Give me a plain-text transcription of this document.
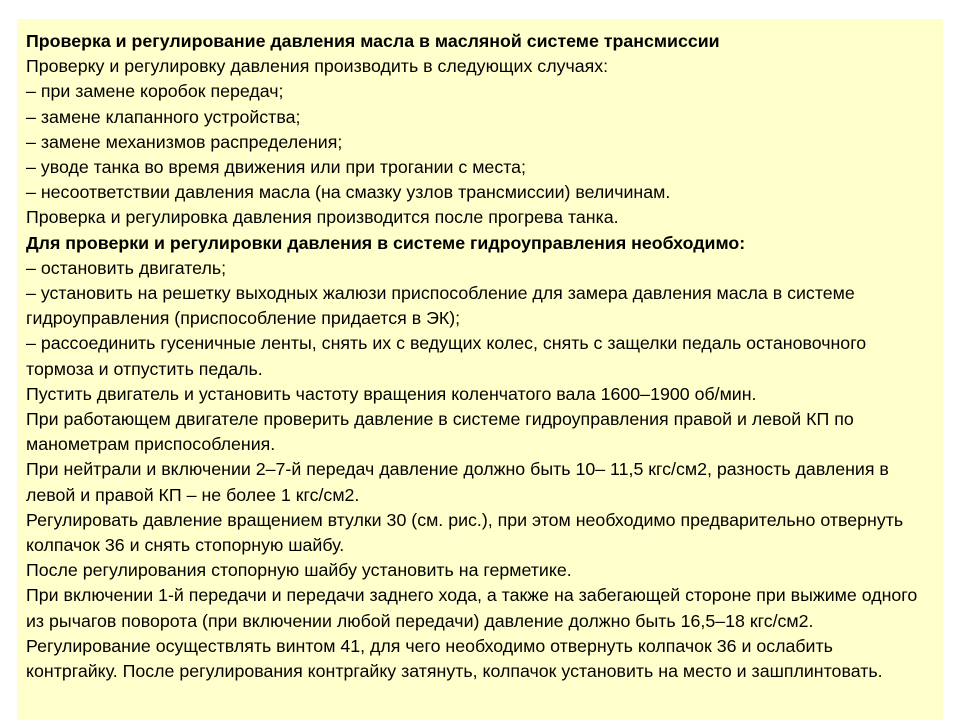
Проверка и регулирование давления масла в масляной системе трансмиссии

Проверку и регулировку давления производить в следующих случаях:

– при замене коробок передач;

– замене клапанного устройства;

– замене механизмов распределения;

– уводе танка во время движения или при трогании с места;

– несоответствии давления масла (на смазку узлов трансмиссии) величинам.

Проверка и регулировка давления производится после прогрева танка.

Для проверки и регулировки давления в системе гидроуправления необходимо:

– остановить двигатель;

– установить на решетку выходных жалюзи приспособление для замера давления масла в системе гидроуправления (приспособление придается в ЭК);

– рассоединить гусеничные ленты, снять их с ведущих колес, снять с защелки педаль остановочного тормоза и отпустить педаль.

Пустить двигатель и установить частоту вращения коленчатого вала 1600–1900 об/мин.

При работающем двигателе проверить давление в системе гидроуправления правой и левой КП по манометрам приспособления.

При нейтрали и включении 2–7-й передач давление должно быть 10– 11,5 кгс/см2, разность давления в левой и правой КП – не более 1 кгс/см2.

Регулировать давление вращением втулки 30 (см. рис.), при этом необходимо предварительно отвернуть колпачок 36 и снять стопорную шайбу.

После регулирования стопорную шайбу установить на герметике.

При включении 1-й передачи и передачи заднего хода, а также на забегающей стороне при выжиме одного из рычагов поворота (при включении любой передачи) давление должно быть 16,5–18 кгс/см2. Регулирование осуществлять винтом 41, для чего необходимо отвернуть колпачок 36 и ослабить контргайку. После регулирования контргайку затянуть, колпачок установить на место и зашплинтовать.
